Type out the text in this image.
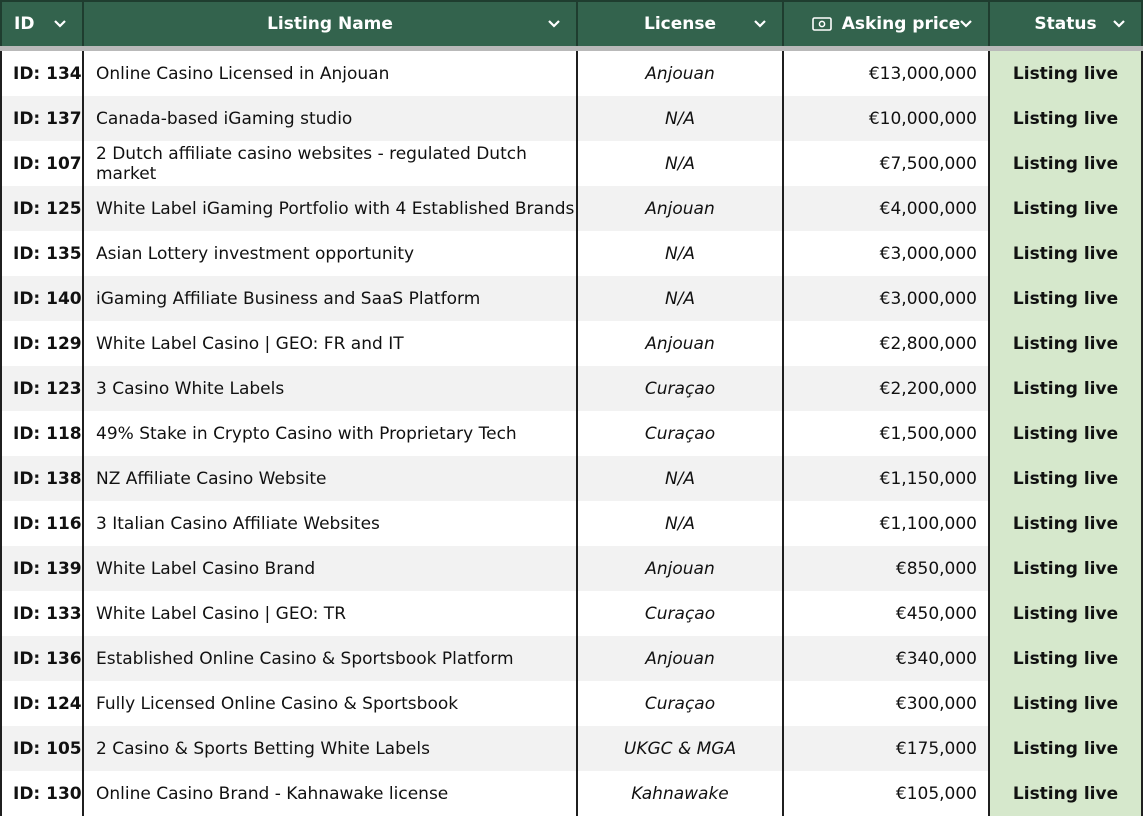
ID	Listing Name	License	Asking price	Status
ID: 134 Online Casino Licensed in Anjouan	Anjouan	€13,000,000	Listing live
ID: 137 Canada-based iGaming studio	N/A	€10,000,000	Listing live
ID: 107 2 Dutch affiliate casino websites - regulated Dutch market	N/A	€7,500,000	Listing live
ID: 125 White Label iGaming Portfolio with 4 Established Brands	Anjouan	€4,000,000	Listing live
ID: 135 Asian Lottery investment opportunity	N/A	€3,000,000	Listing live
ID: 140 iGaming Affiliate Business and SaaS Platform	N/A	€3,000,000	Listing live
ID: 129 White Label Casino | GEO: FR and IT	Anjouan	€2,800,000	Listing live
ID: 123 3 Casino White Labels	Curaçao	€2,200,000	Listing live
ID: 118 49% Stake in Crypto Casino with Proprietary Tech	Curaçao	€1,500,000	Listing live
ID: 138 NZ Affiliate Casino Website	N/A	€1,150,000	Listing live
ID: 116 3 Italian Casino Affiliate Websites	N/A	€1,100,000	Listing live
ID: 139 White Label Casino Brand	Anjouan	€850,000	Listing live
ID: 133 White Label Casino | GEO: TR	Curaçao	€450,000	Listing live
ID: 136 Established Online Casino & Sportsbook Platform	Anjouan	€340,000	Listing live
ID: 124 Fully Licensed Online Casino & Sportsbook	Curaçao	€300,000	Listing live
ID: 105 2 Casino & Sports Betting White Labels	UKGC & MGA	€175,000	Listing live
ID: 130 Online Casino Brand - Kahnawake license	Kahnawake	€105,000	Listing live
